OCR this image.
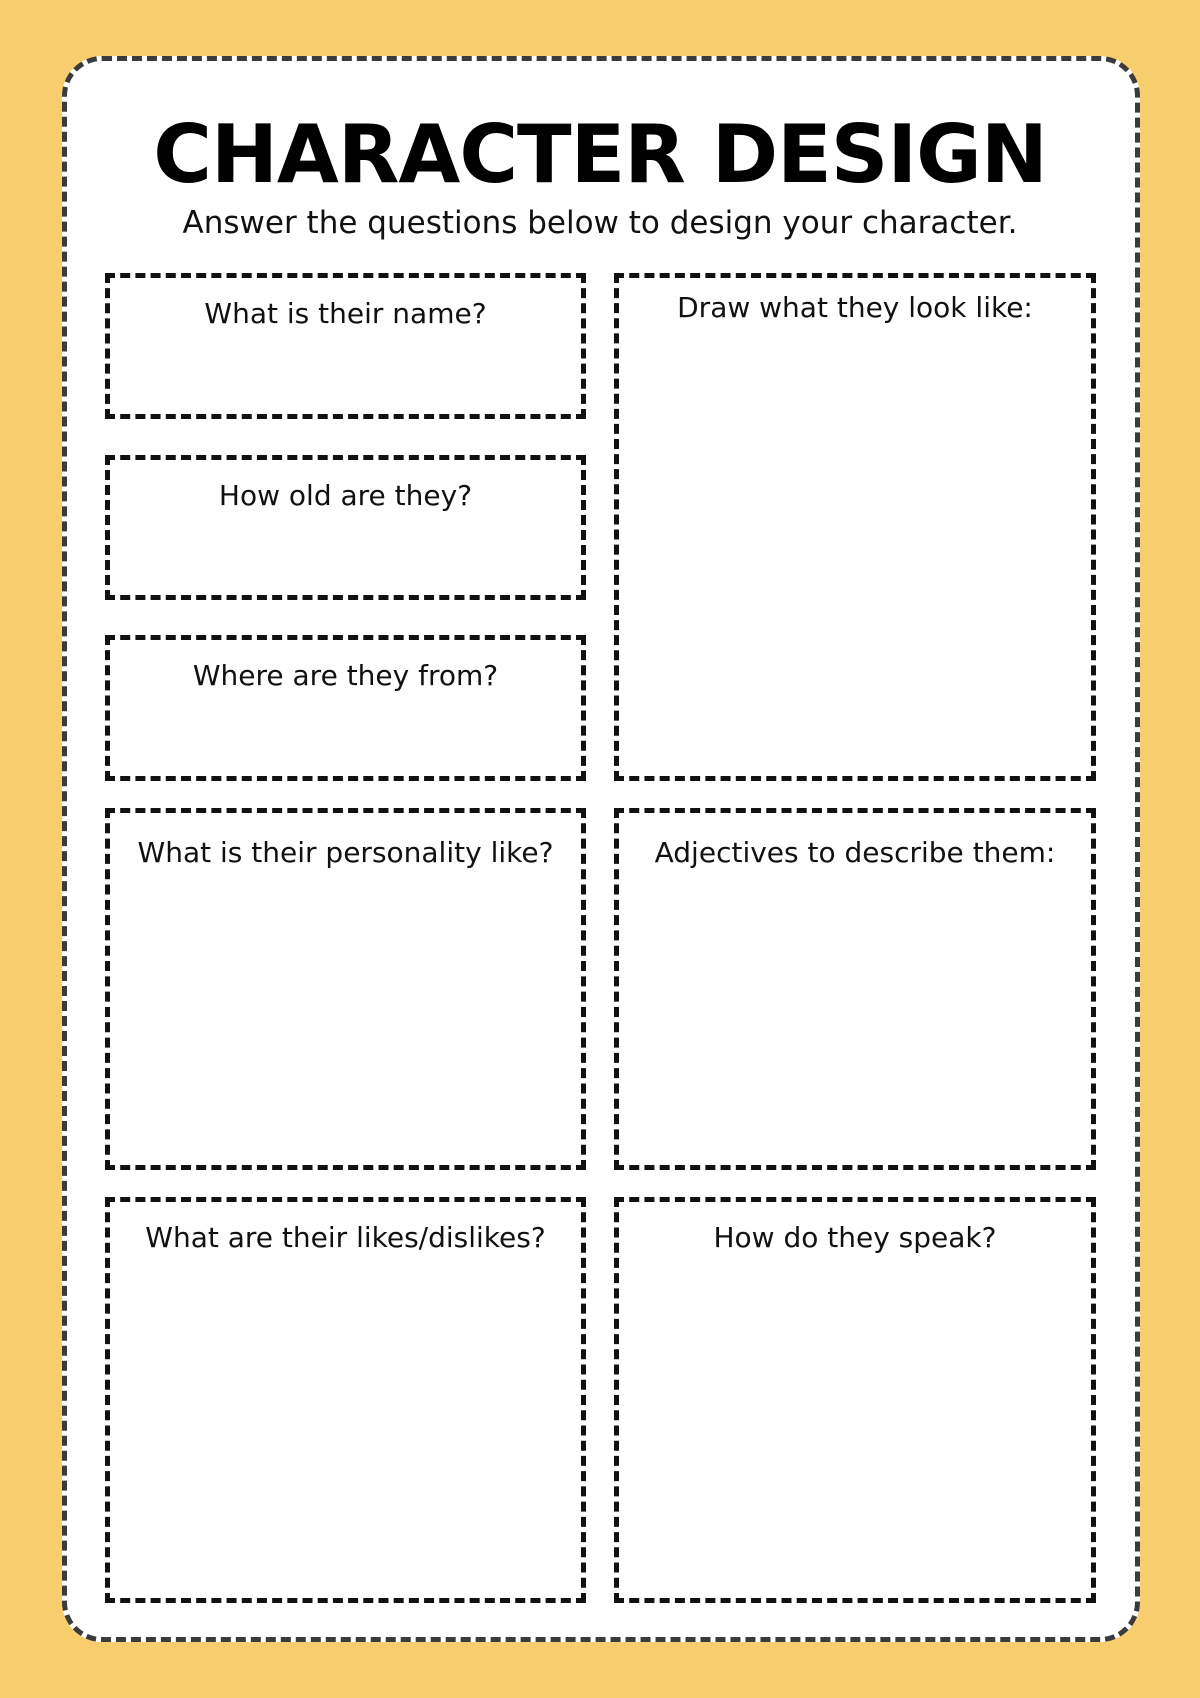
CHARACTER DESIGN
Answer the questions below to design your character.
What is their name?
How old are they?
Where are they from?
Draw what they look like:
What is their personality like?	Adjectives to describe them:
What are their likes/dislikes?	How do they speak?
